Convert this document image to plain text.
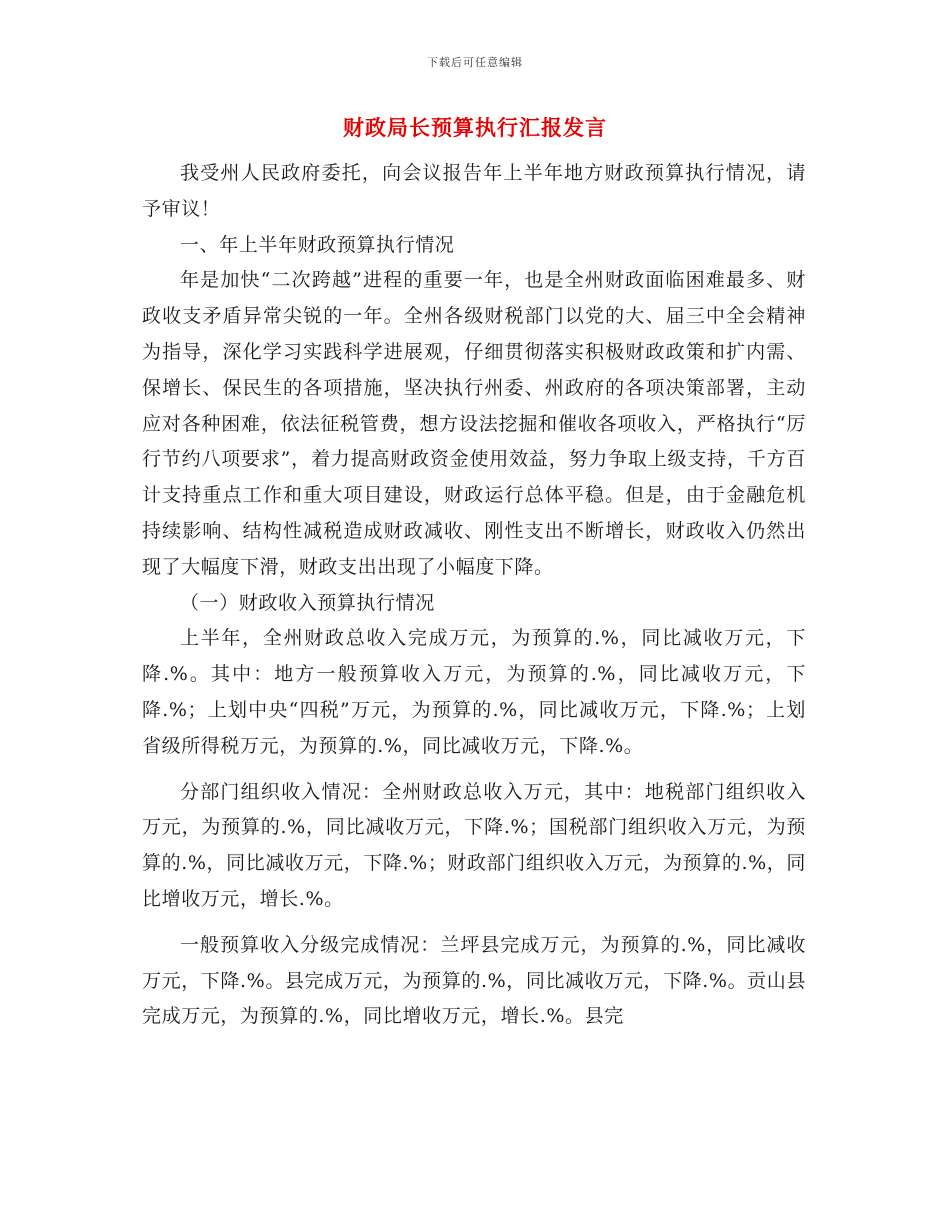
下载后可任意编辑
财政局长预算执行汇报发言

我受州人民政府委托，向会议报告年上半年地方财政预算执行情况，请予审议！

一、年上半年财政预算执行情况

年是加快“二次跨越”进程的重要一年，也是全州财政面临困难最多、财政收支矛盾异常尖锐的一年。全州各级财税部门以党的大、届三中全会精神为指导，深化学习实践科学进展观，仔细贯彻落实积极财政政策和扩内需、保增长、保民生的各项措施，坚决执行州委、州政府的各项决策部署，主动应对各种困难，依法征税管费，想方设法挖掘和催收各项收入，严格执行“厉行节约八项要求”，着力提高财政资金使用效益，努力争取上级支持，千方百计支持重点工作和重大项目建设，财政运行总体平稳。但是，由于金融危机持续影响、结构性减税造成财政减收、刚性支出不断增长，财政收入仍然出现了大幅度下滑，财政支出出现了小幅度下降。

（一）财政收入预算执行情况

上半年，全州财政总收入完成万元，为预算的.%，同比减收万元，下降.%。其中：地方一般预算收入万元，为预算的.%，同比减收万元，下降.%；上划中央“四税”万元，为预算的.%，同比减收万元，下降.%；上划省级所得税万元，为预算的.%，同比减收万元，下降.%。

分部门组织收入情况：全州财政总收入万元，其中：地税部门组织收入万元，为预算的.%，同比减收万元，下降.%；国税部门组织收入万元，为预算的.%，同比减收万元，下降.%；财政部门组织收入万元，为预算的.%，同比增收万元，增长.%。

一般预算收入分级完成情况：兰坪县完成万元，为预算的.%，同比减收万元，下降.%。县完成万元，为预算的.%，同比减收万元，下降.%。贡山县完成万元，为预算的.%，同比增收万元，增长.%。县完
